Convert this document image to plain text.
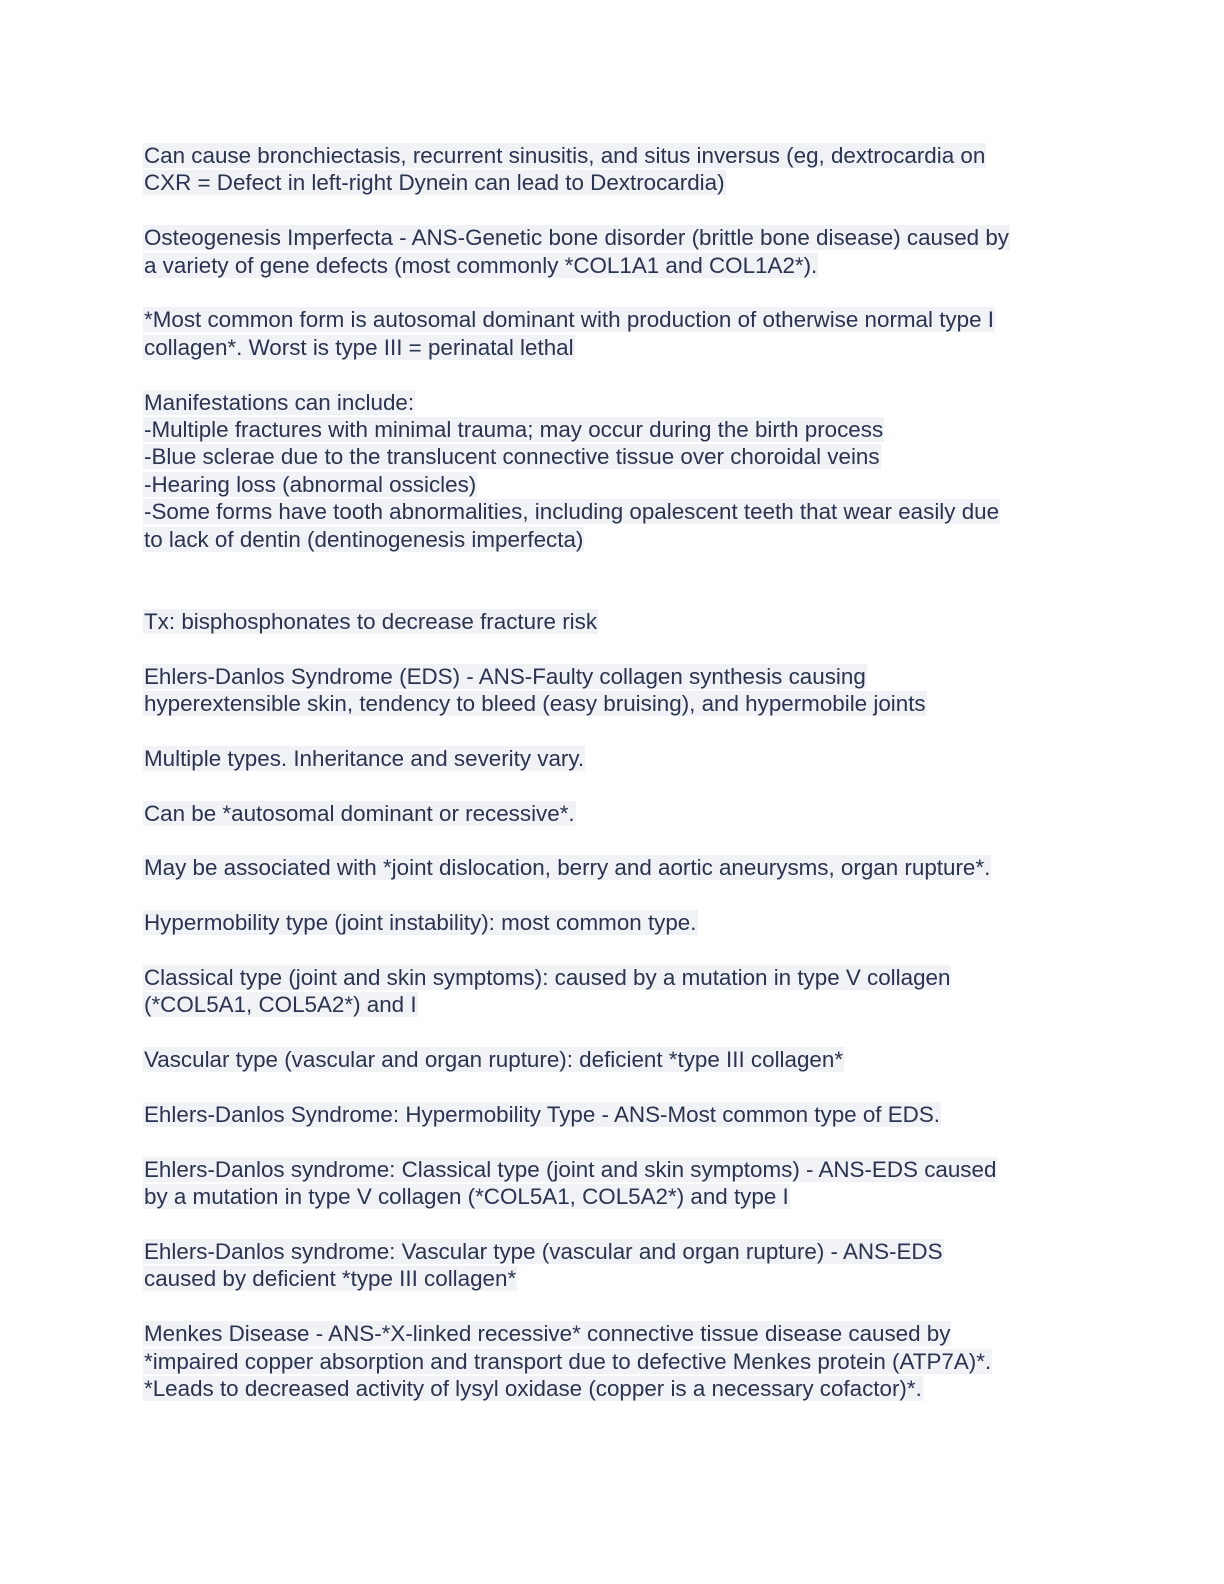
Can cause bronchiectasis, recurrent sinusitis, and situs inversus (eg, dextrocardia on
CXR = Defect in left-right Dynein can lead to Dextrocardia)
Osteogenesis Imperfecta - ANS-Genetic bone disorder (brittle bone disease) caused by
a variety of gene defects (most commonly *COL1A1 and COL1A2*).
*Most common form is autosomal dominant with production of otherwise normal type I
collagen*. Worst is type III = perinatal lethal
Manifestations can include:
-Multiple fractures with minimal trauma; may occur during the birth process
-Blue sclerae due to the translucent connective tissue over choroidal veins
-Hearing loss (abnormal ossicles)
-Some forms have tooth abnormalities, including opalescent teeth that wear easily due
to lack of dentin (dentinogenesis imperfecta)
Tx: bisphosphonates to decrease fracture risk
Ehlers-Danlos Syndrome (EDS) - ANS-Faulty collagen synthesis causing
hyperextensible skin, tendency to bleed (easy bruising), and hypermobile joints
Multiple types. Inheritance and severity vary.
Can be *autosomal dominant or recessive*.
May be associated with *joint dislocation, berry and aortic aneurysms, organ rupture*.
Hypermobility type (joint instability): most common type.
Classical type (joint and skin symptoms): caused by a mutation in type V collagen
(*COL5A1, COL5A2*) and I
Vascular type (vascular and organ rupture): deficient *type III collagen*
Ehlers-Danlos Syndrome: Hypermobility Type - ANS-Most common type of EDS.
Ehlers-Danlos syndrome: Classical type (joint and skin symptoms) - ANS-EDS caused
by a mutation in type V collagen (*COL5A1, COL5A2*) and type I
Ehlers-Danlos syndrome: Vascular type (vascular and organ rupture) - ANS-EDS
caused by deficient *type III collagen*
Menkes Disease - ANS-*X-linked recessive* connective tissue disease caused by
*impaired copper absorption and transport due to defective Menkes protein (ATP7A)*.
*Leads to decreased activity of lysyl oxidase (copper is a necessary cofactor)*.
